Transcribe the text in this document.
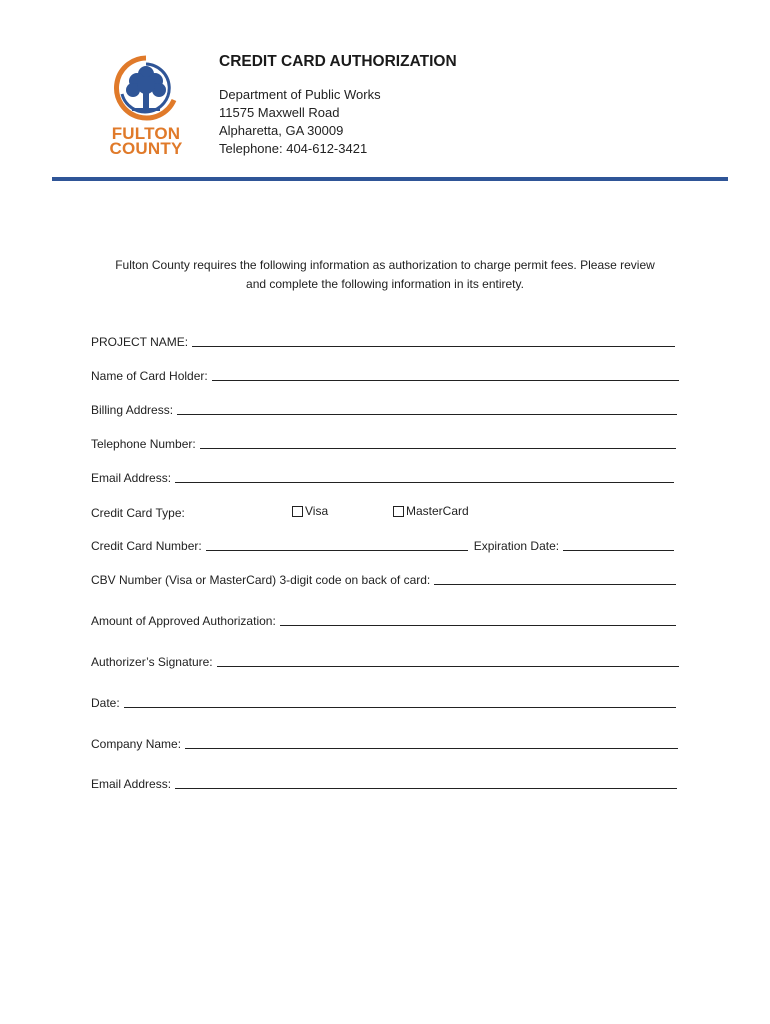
FULTON
COUNTY
CREDIT CARD AUTHORIZATION
Department of Public Works
11575 Maxwell Road
Alpharetta, GA 30009
Telephone: 404-612-3421
Fulton County requires the following information as authorization to charge permit fees. Please review
and complete the following information in its entirety.
PROJECT NAME:
Name of Card Holder:
Billing Address:
Telephone Number:
Email Address:
Credit Card Type:	Visa	MasterCard
Credit Card Number:	Expiration Date:
CBV Number (Visa or MasterCard) 3-digit code on back of card:
Amount of Approved Authorization:
Authorizer’s Signature:
Date:
Company Name:
Email Address:
